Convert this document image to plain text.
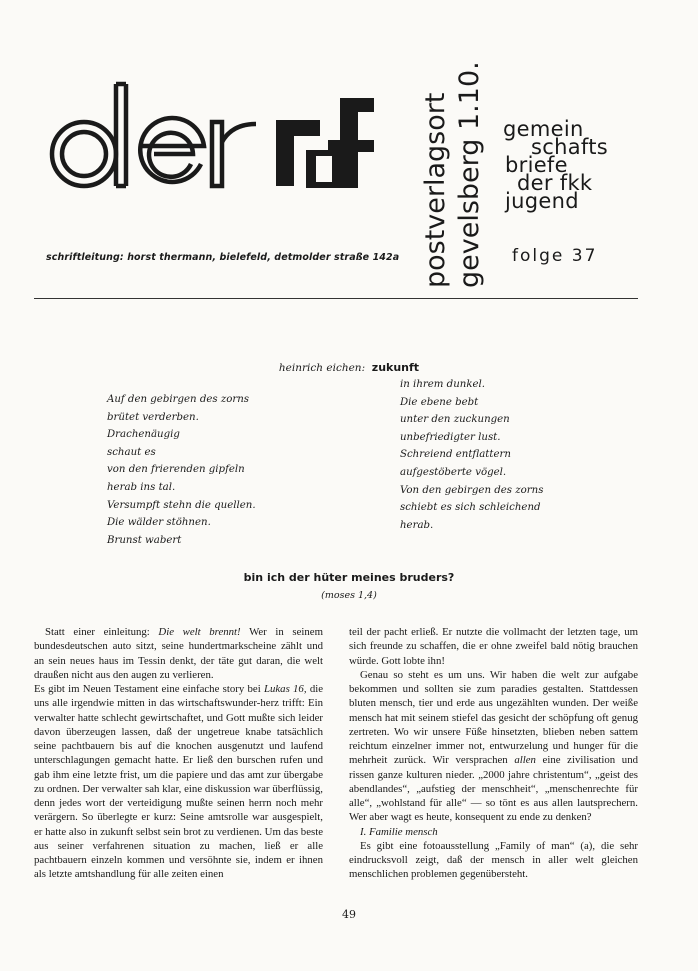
postverlagsort gevelsberg 1.10.60 gemein
schafts
briefe
der fkk
jugend
schriftleitung: horst thermann, bielefeld, detmolder straße 142a	folge 37
heinrich eichen: zukunft
Auf den gebirgen des zorns
brütet verderben.
Drachenäugig
schaut es
von den frierenden gipfeln
herab ins tal.
Versumpft stehn die quellen.
Die wälder stöhnen.
Brunst wabert
in ihrem dunkel.
Die ebene bebt
unter den zuckungen
unbefriedigter lust.
Schreiend entflattern
aufgestöberte vögel.
Von den gebirgen des zorns
schiebt es sich schleichend
herab.
bin ich der hüter meines bruders?
(moses 1,4)

Statt einer einleitung: Die welt brennt! Wer in seinem bundesdeutschen auto sitzt, seine hundertmarkscheine zählt und an sein neues haus im Tessin denkt, der täte gut daran, die welt draußen nicht aus den augen zu verlieren.

Es gibt im Neuen Testament eine einfache story bei Lukas 16, die uns alle irgendwie mitten in das wirtschaftswunder-herz trifft: Ein verwalter hatte schlecht gewirtschaftet, und Gott mußte sich leider davon überzeugen lassen, daß der ungetreue knabe tatsächlich seine pachtbauern bis auf die knochen ausgenutzt und laufend unterschlagungen gemacht hatte. Er ließ den burschen rufen und gab ihm eine letzte frist, um die papiere und das amt zur übergabe zu ordnen. Der verwalter sah klar, eine diskussion war überflüssig, denn jedes wort der verteidigung mußte seinen herrn noch mehr verärgern. So überlegte er kurz: Seine amtsrolle war ausgespielt, er hatte also in zukunft selbst sein brot zu verdienen. Um das beste aus seiner verfahrenen situation zu machen, ließ er alle pachtbauern einzeln kommen und versöhnte sie, indem er ihnen als letzte amtshandlung für alle zeiten einen

teil der pacht erließ. Er nutzte die vollmacht der letzten tage, um sich freunde zu schaffen, die er ohne zweifel bald nötig brauchen würde. Gott lobte ihn!

Genau so steht es um uns. Wir haben die welt zur aufgabe bekommen und sollten sie zum paradies gestalten. Stattdessen bluten mensch, tier und erde aus ungezählten wunden. Der weiße mensch hat mit seinem stiefel das gesicht der schöpfung oft genug zertreten. Wo wir unsere Füße hinsetzten, blieben neben sattem reichtum einzelner immer not, entwurzelung und hunger für die mehrheit zurück. Wir versprachen allen eine zivilisation und rissen ganze kulturen nieder. „2000 jahre christentum“, „geist des abendlandes“, „aufstieg der menschheit“, „menschenrechte für alle“, „wohlstand für alle“ — so tönt es aus allen lautsprechern. Wer aber wagt es heute, konsequent zu ende zu denken?

I. Familie mensch

Es gibt eine fotoausstellung „Family of man“ (a), die sehr eindrucksvoll zeigt, daß der mensch in aller welt gleichen menschlichen problemen gegenübersteht.

49
